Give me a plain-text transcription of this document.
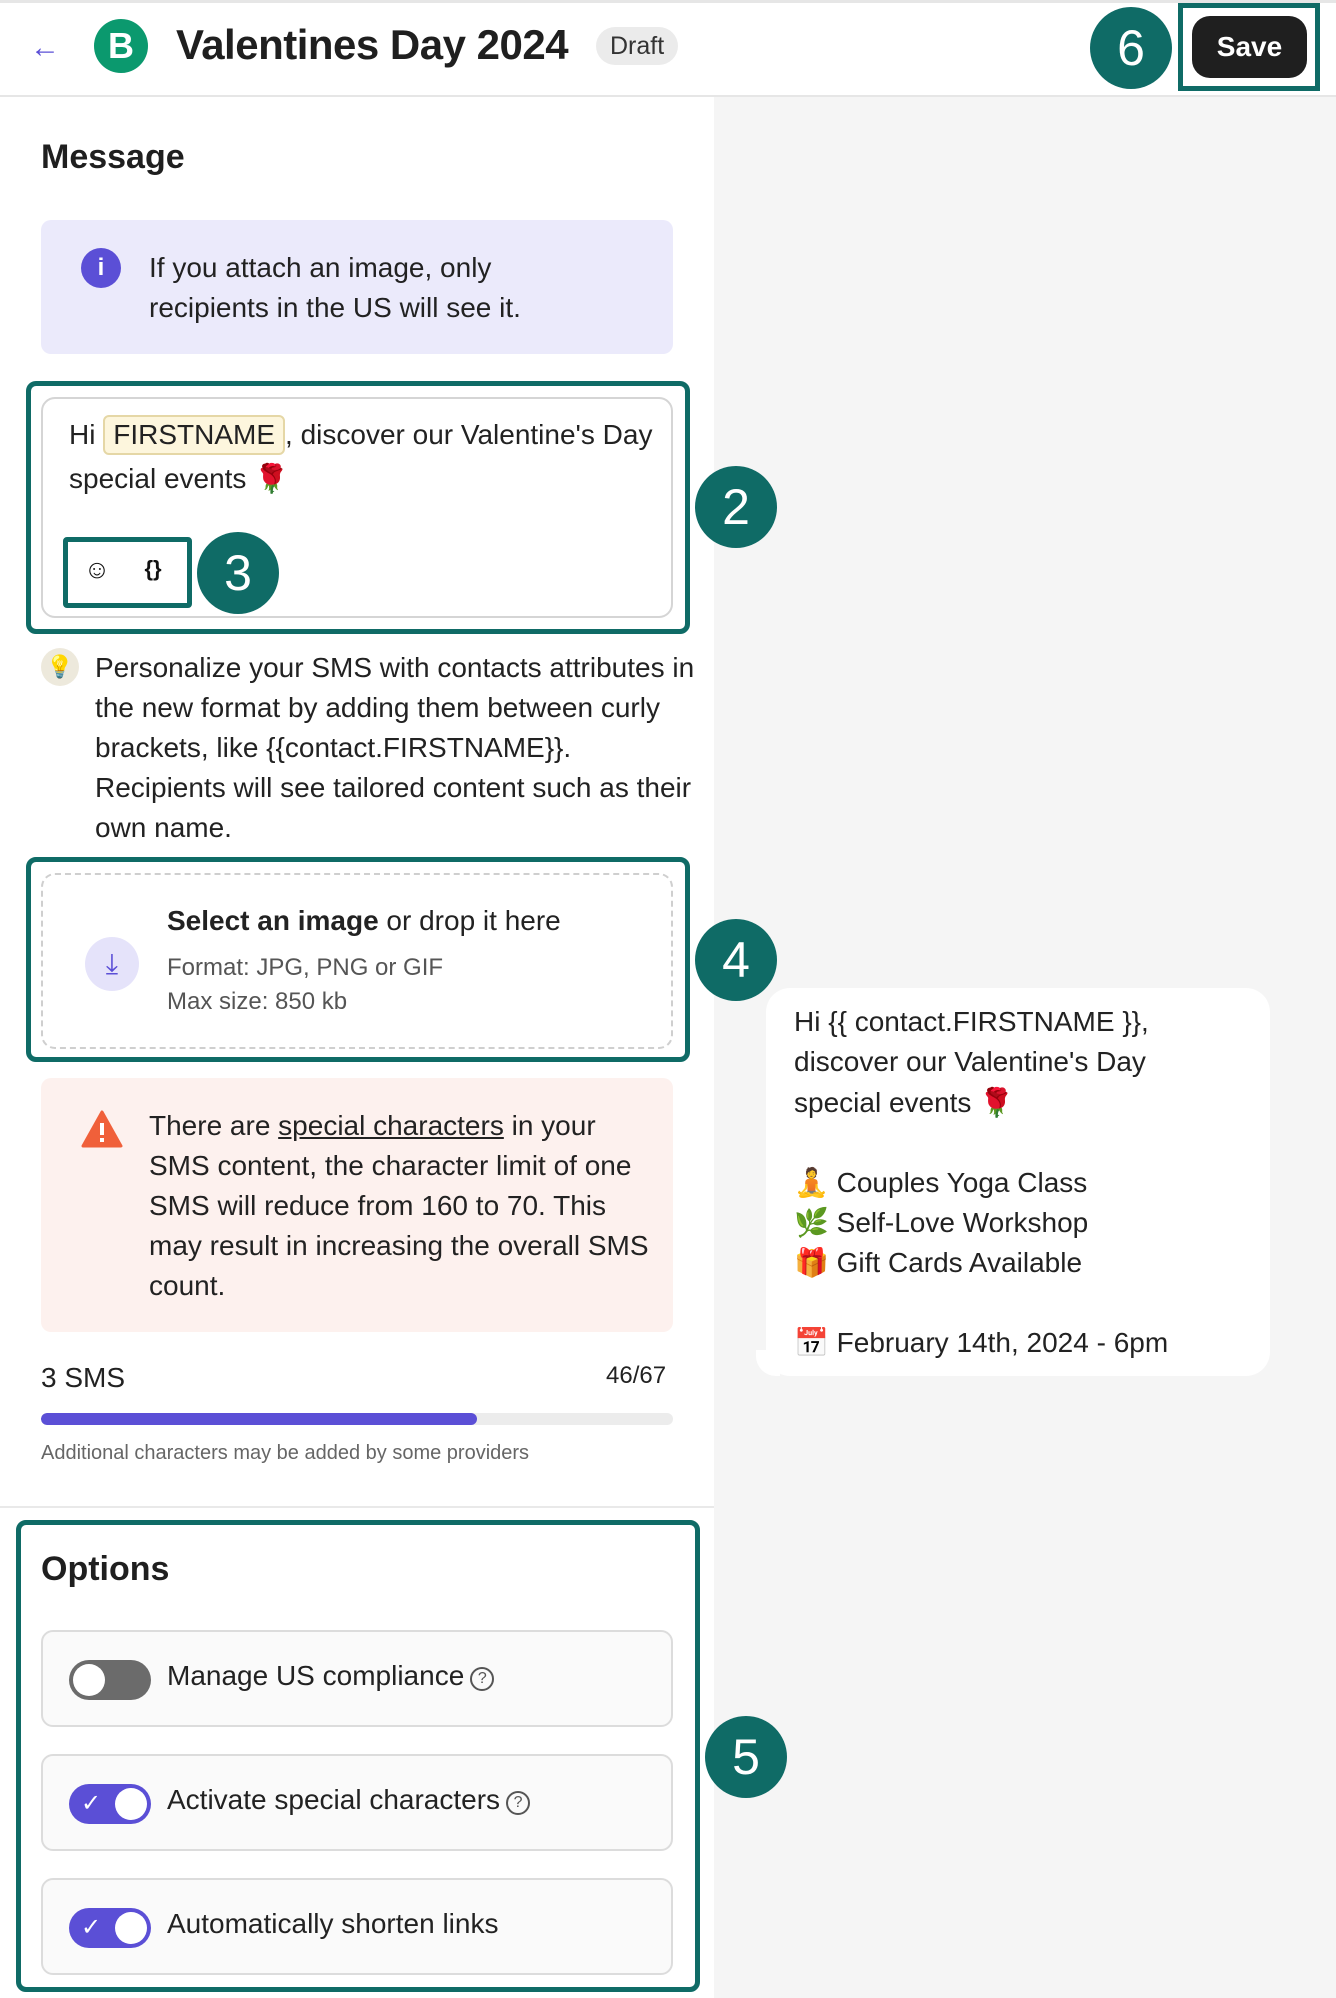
←	B	Valentines Day 2024	Draft	6	Save
Message
i	If you attach an image, only recipients in the US will see it.
Hi FIRSTNAME , discover our Valentine's Day special events 🌹
☺	{}	3
2
💡 Personalize your SMS with contacts attributes in the new format by adding them between curly brackets, like {{contact.FIRSTNAME}}. Recipients will see tailored content such as their own name.
⤓
Select an image or drop it here
Format: JPG, PNG or GIF
Max size: 850 kb
4
There are special characters in your SMS content, the character limit of one SMS will reduce from 160 to 70. This may result in increasing the overall SMS count.
3 SMS	46/67
Additional characters may be added by some providers
Options
Manage US compliance ?
✓ Activate special characters ?
✓ Automatically shorten links
5
Hi {{ contact.FIRSTNAME }},
discover our Valentine's Day
special events 🌹
🧘 Couples Yoga Class
🌿 Self-Love Workshop
🎁 Gift Cards Available
📅 February 14th, 2024 - 6pm
